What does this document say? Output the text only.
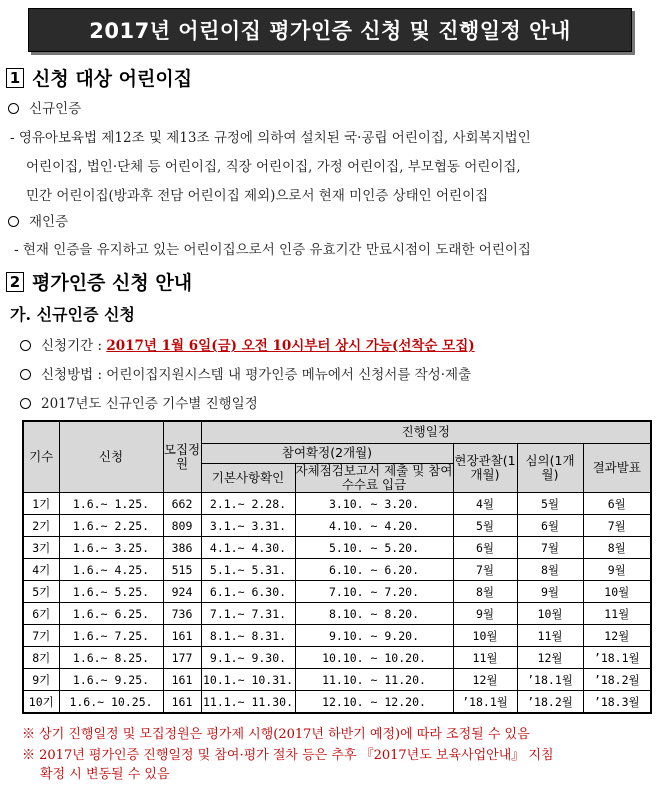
2017년 어린이집 평가인증 신청 및 진행일정 안내
1 신청 대상 어린이집
신규인증
- 영유아보육법 제12조 및 제13조 규정에 의하여 설치된 국·공립 어린이집, 사회복지법인
어린이집, 법인·단체 등 어린이집, 직장 어린이집, 가정 어린이집, 부모협동 어린이집,
민간 어린이집(방과후 전담 어린이집 제외)으로서 현재 미인증 상태인 어린이집
재인증
- 현재 인증을 유지하고 있는 어린이집으로서 인증 유효기간 만료시점이 도래한 어린이집
2 평가인증 신청 안내
가. 신규인증 신청
신청기간 : 2017년 1월 6일(금) 오전 10시부터 상시 가능(선착순 모집)
신청방법 : 어린이집지원시스템 내 평가인증 메뉴에서 신청서를 작성·제출
2017년도 신규인증 기수별 진행일정
기수	신청	모집정원	진행일정				
			참여확정(2개월)		현장관찰(1개월)	심의(1개월)	결과발표
			기본사항확인	자체점검보고서 제출 및 참여수수료 입금			
1기	1.6.~ 1.25.	662	2.1.~ 2.28.	3.10. ~ 3.20.	4월	5월	6월
2기	1.6.~ 2.25.	809	3.1.~ 3.31.	4.10. ~ 4.20.	5월	6월	7월
3기	1.6.~ 3.25.	386	4.1.~ 4.30.	5.10. ~ 5.20.	6월	7월	8월
4기	1.6.~ 4.25.	515	5.1.~ 5.31.	6.10. ~ 6.20.	7월	8월	9월
5기	1.6.~ 5.25.	924	6.1.~ 6.30.	7.10. ~ 7.20.	8월	9월	10월
6기	1.6.~ 6.25.	736	7.1.~ 7.31.	8.10. ~ 8.20.	9월	10월	11월
7기	1.6.~ 7.25.	161	8.1.~ 8.31.	9.10. ~ 9.20.	10월	11월	12월
8기	1.6.~ 8.25.	177	9.1.~ 9.30.	10.10. ~ 10.20.	11월	12월	’18.1월
9기	1.6.~ 9.25.	161	10.1.~ 10.31.	11.10. ~ 11.20.	12월	’18.1월	’18.2월
10기	1.6.~ 10.25.	161	11.1.~ 11.30.	12.10. ~ 12.20.	’18.1월	’18.2월	’18.3월
※ 상기 진행일정 및 모집정원은 평가제 시행(2017년 하반기 예정)에 따라 조정될 수 있음
※ 2017년 평가인증 진행일정 및 참여·평가 절차 등은 추후 『2017년도 보육사업안내』 지침
확정 시 변동될 수 있음
